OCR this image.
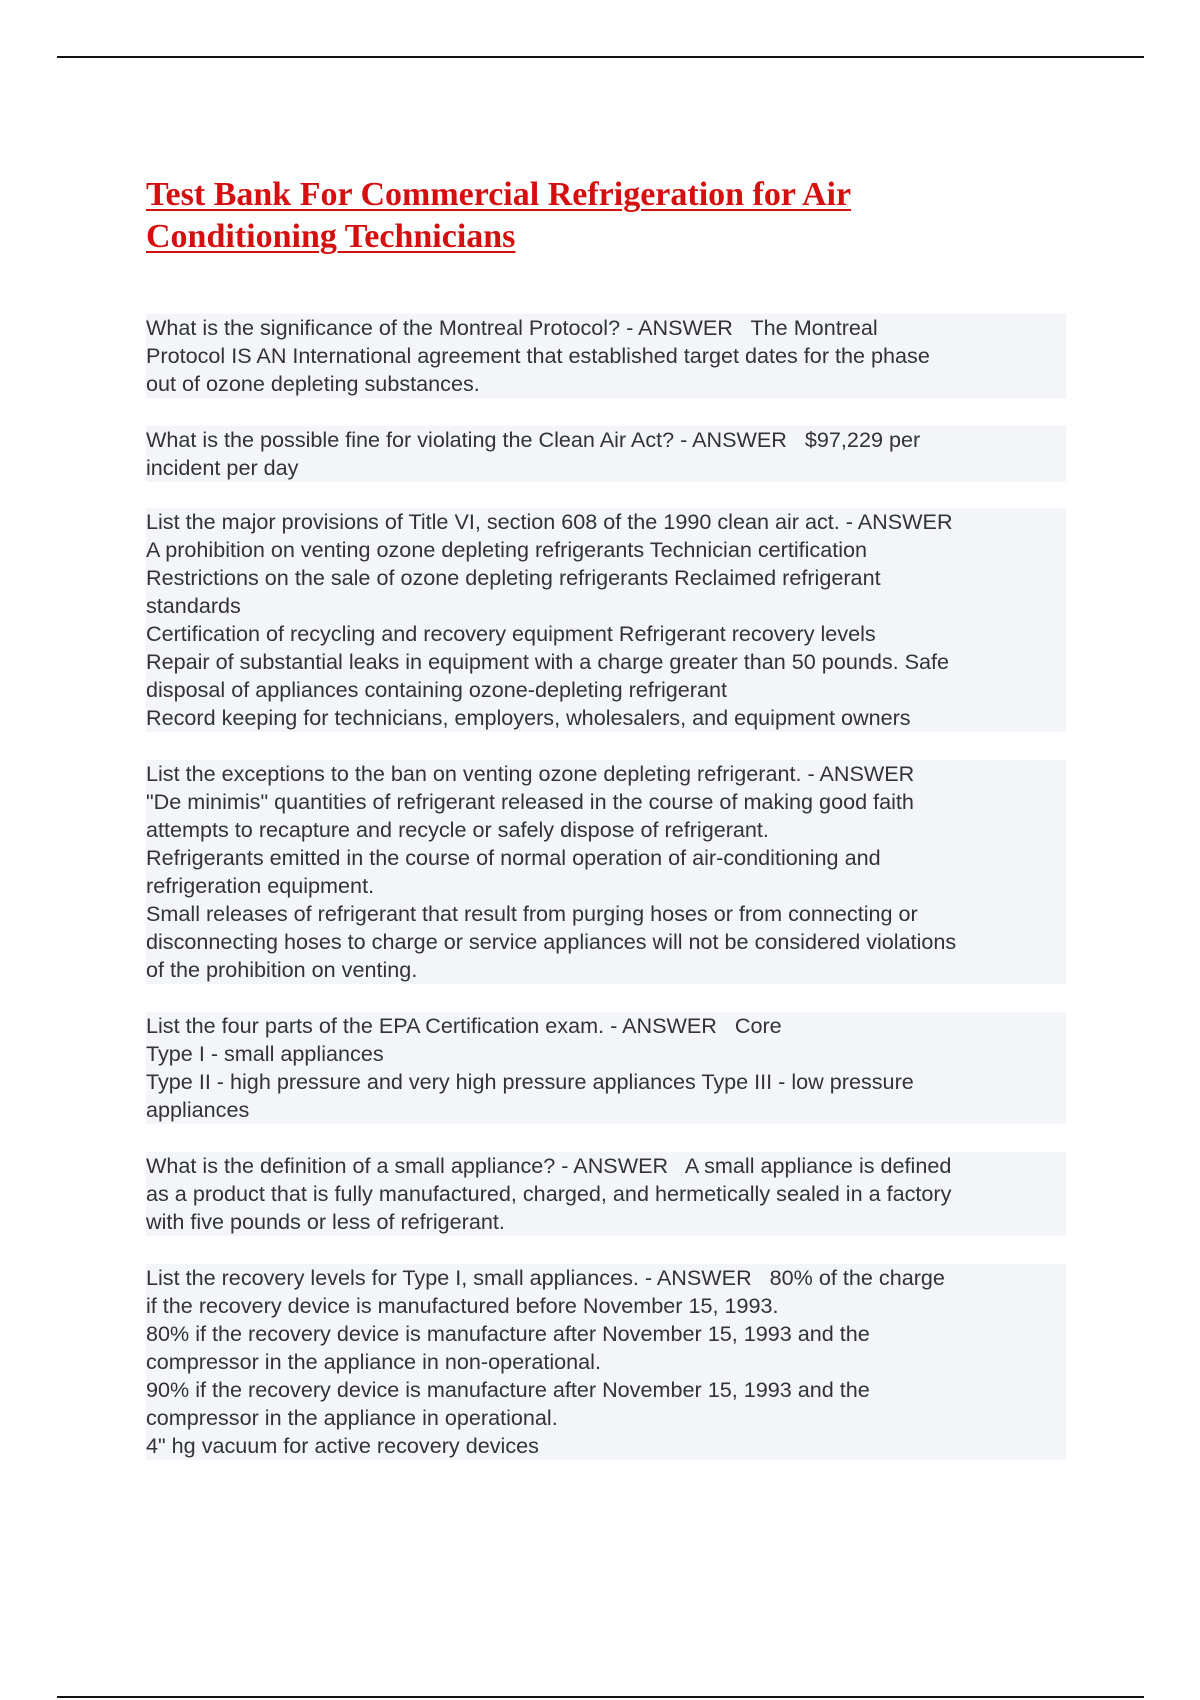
Test Bank For Commercial Refrigeration for Air
Conditioning Technicians
What is the significance of the Montreal Protocol? - ANSWER   The Montreal
Protocol IS AN International agreement that established target dates for the phase
out of ozone depleting substances.
What is the possible fine for violating the Clean Air Act? - ANSWER   $97,229 per
incident per day
List the major provisions of Title VI, section 608 of the 1990 clean air act. - ANSWER
A prohibition on venting ozone depleting refrigerants Technician certification
Restrictions on the sale of ozone depleting refrigerants Reclaimed refrigerant
standards
Certification of recycling and recovery equipment Refrigerant recovery levels
Repair of substantial leaks in equipment with a charge greater than 50 pounds. Safe
disposal of appliances containing ozone-depleting refrigerant
Record keeping for technicians, employers, wholesalers, and equipment owners
List the exceptions to the ban on venting ozone depleting refrigerant. - ANSWER
"De minimis" quantities of refrigerant released in the course of making good faith
attempts to recapture and recycle or safely dispose of refrigerant.
Refrigerants emitted in the course of normal operation of air-conditioning and
refrigeration equipment.
Small releases of refrigerant that result from purging hoses or from connecting or
disconnecting hoses to charge or service appliances will not be considered violations
of the prohibition on venting.
List the four parts of the EPA Certification exam. - ANSWER   Core
Type I - small appliances
Type II - high pressure and very high pressure appliances Type III - low pressure
appliances
What is the definition of a small appliance? - ANSWER   A small appliance is defined
as a product that is fully manufactured, charged, and hermetically sealed in a factory
with five pounds or less of refrigerant.
List the recovery levels for Type I, small appliances. - ANSWER   80% of the charge
if the recovery device is manufactured before November 15, 1993.
80% if the recovery device is manufacture after November 15, 1993 and the
compressor in the appliance in non-operational.
90% if the recovery device is manufacture after November 15, 1993 and the
compressor in the appliance in operational.
4" hg vacuum for active recovery devices
